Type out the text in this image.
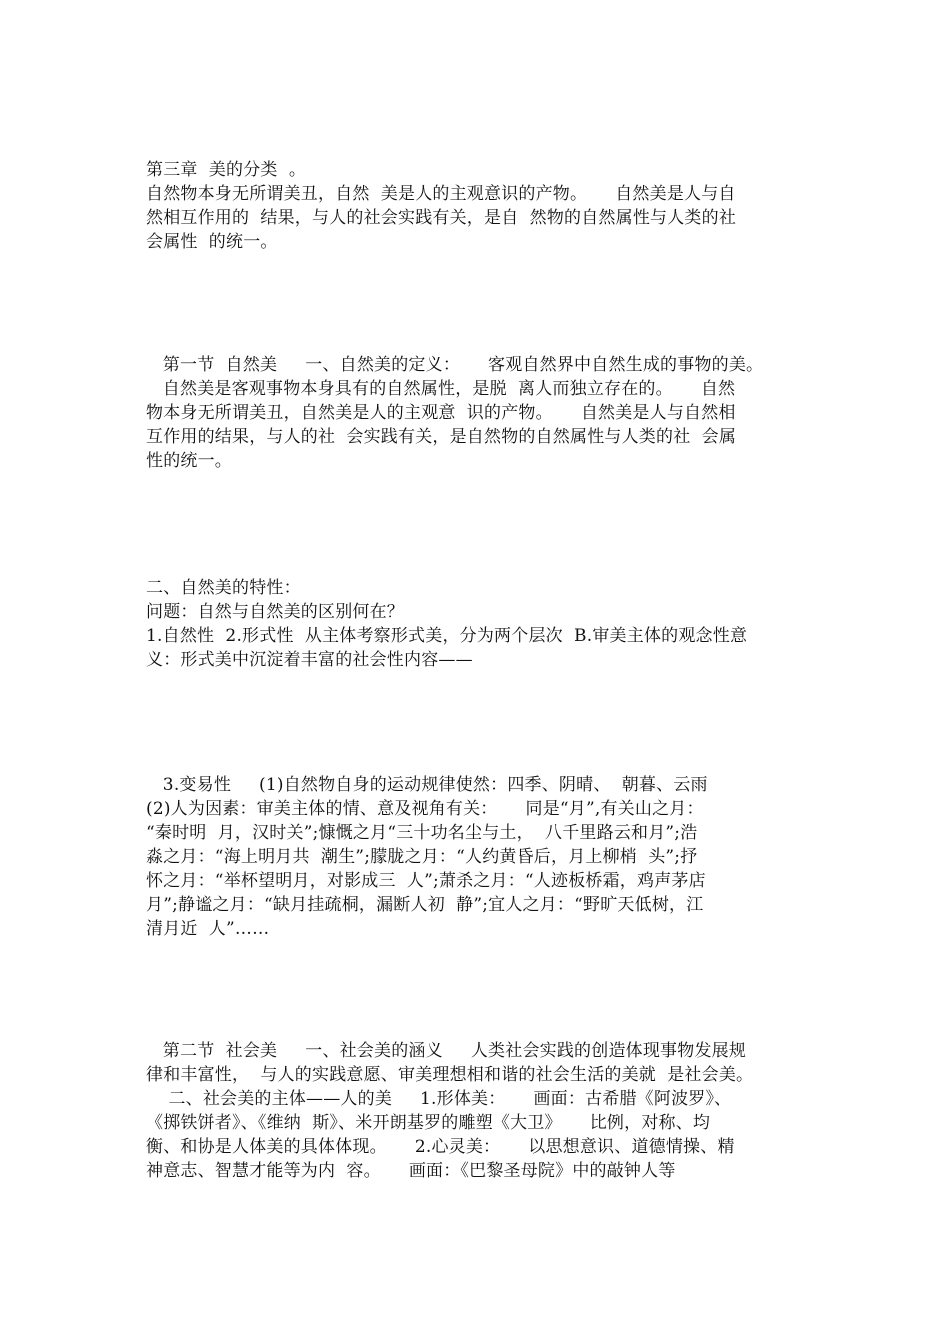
第三章  美的分类  。
自然物本身无所谓美丑，自然  美是人的主观意识的产物。     自然美是人与自
然相互作用的  结果，与人的社会实践有关，是自  然物的自然属性与人类的社
会属性  的统一。
第一节  自然美     一、自然美的定义：     客观自然界中自然生成的事物的美。
自然美是客观事物本身具有的自然属性，是脱  离人而独立存在的。     自然
物本身无所谓美丑，自然美是人的主观意  识的产物。     自然美是人与自然相
互作用的结果，与人的社  会实践有关，是自然物的自然属性与人类的社  会属
性的统一。
二、自然美的特性：
问题：自然与自然美的区别何在？
1.自然性  2.形式性  从主体考察形式美，分为两个层次  B.审美主体的观念性意
义：形式美中沉淀着丰富的社会性内容——
3.变易性     (1)自然物自身的运动规律使然：四季、阴晴、  朝暮、云雨
(2)人为因素：审美主体的情、意及视角有关：     同是“月”,有关山之月：
“秦时明  月，汉时关”;慷慨之月“三十功名尘与土，  八千里路云和月”;浩
淼之月：“海上明月共  潮生”;朦胧之月：“人约黄昏后，月上柳梢  头”;抒
怀之月：“举杯望明月，对影成三  人”;萧杀之月：“人迹板桥霜，鸡声茅店
月”;静谧之月：“缺月挂疏桐，漏断人初  静”;宜人之月：“野旷天低树，江
清月近  人”……
第二节  社会美     一、社会美的涵义     人类社会实践的创造体现事物发展规
律和丰富性，  与人的实践意愿、审美理想相和谐的社会生活的美就  是社会美。
二、社会美的主体——人的美     1.形体美：     画面：古希腊《阿波罗》、
《掷铁饼者》、《维纳  斯》、米开朗基罗的雕塑《大卫》     比例，对称、均
衡、和协是人体美的具体体现。     2.心灵美：     以思想意识、道德情操、精
神意志、智慧才能等为内  容。     画面：《巴黎圣母院》中的敲钟人等
